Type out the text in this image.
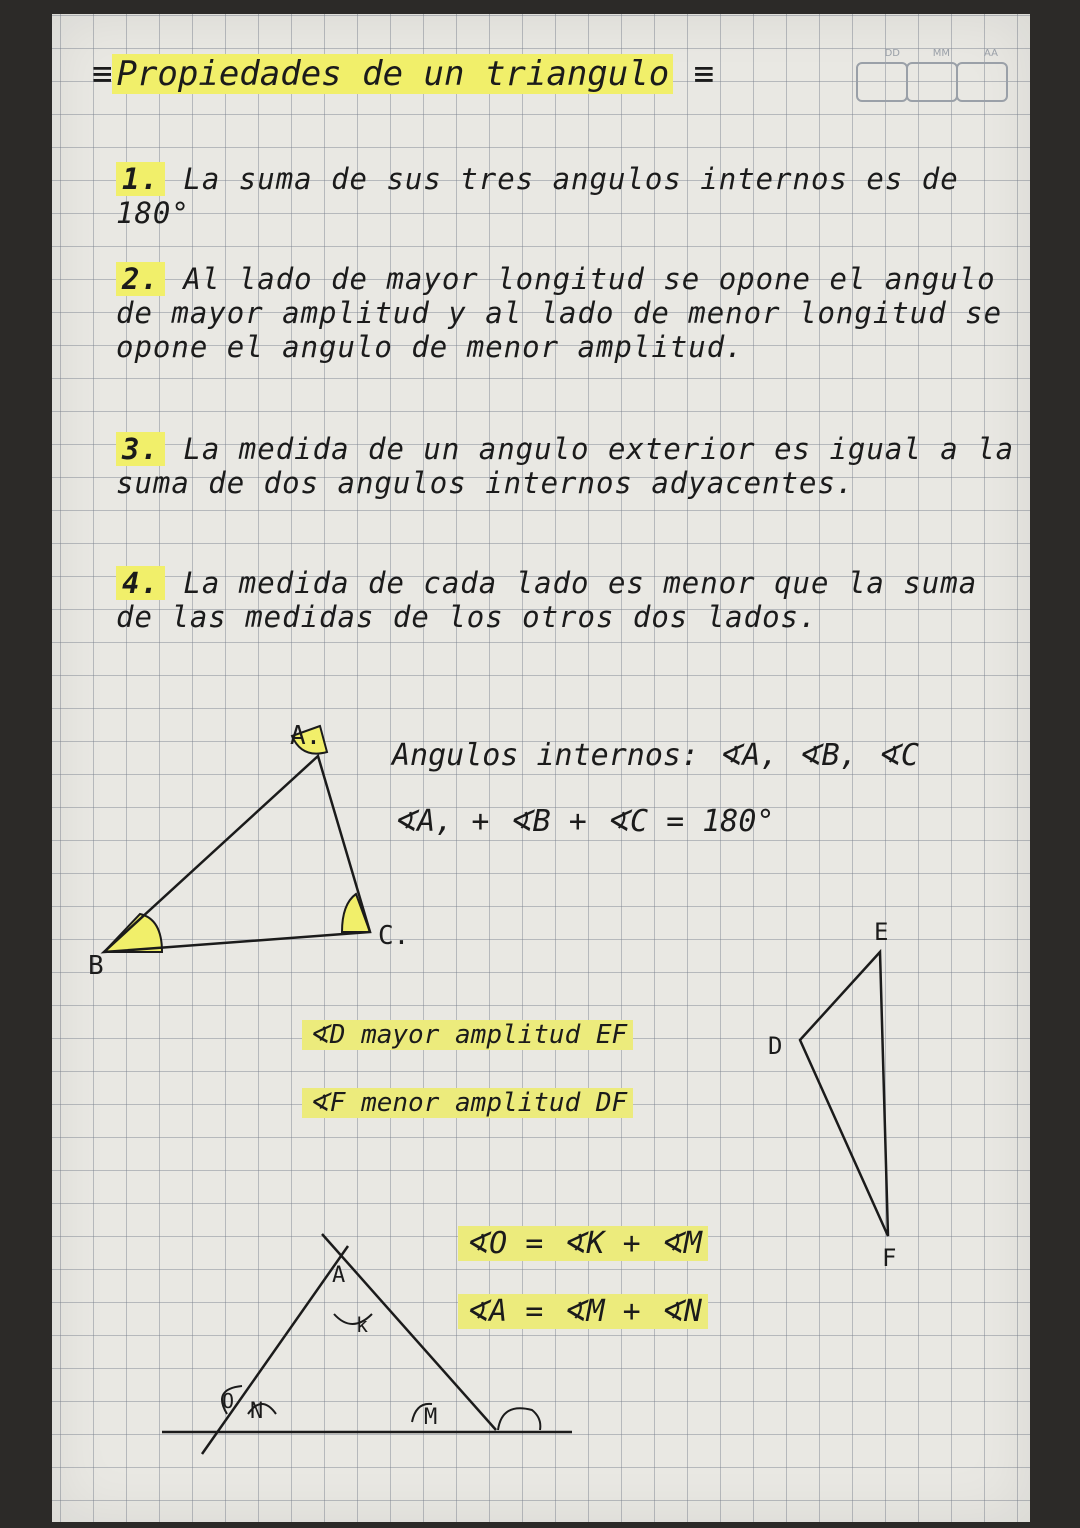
≡ Propiedades de un triangulo ≡
DD	MM	AA
1. La suma de sus tres angulos internos es de 180°
2. Al lado de mayor longitud se opone el angulo de mayor amplitud y al lado de menor longitud se opone el angulo de menor amplitud.
3. La medida de un angulo exterior es igual a la suma de dos angulos internos adyacentes.
4. La medida de cada lado es menor que la suma de las medidas de los otros dos lados.
A.
B
C.	E
D
F
A
k
O N	M
Angulos internos: ∢A, ∢B, ∢C
∢A, + ∢B + ∢C = 180°
∢D mayor amplitud EF
∢F menor amplitud DF
∢O = ∢K + ∢M
∢A = ∢M + ∢N
